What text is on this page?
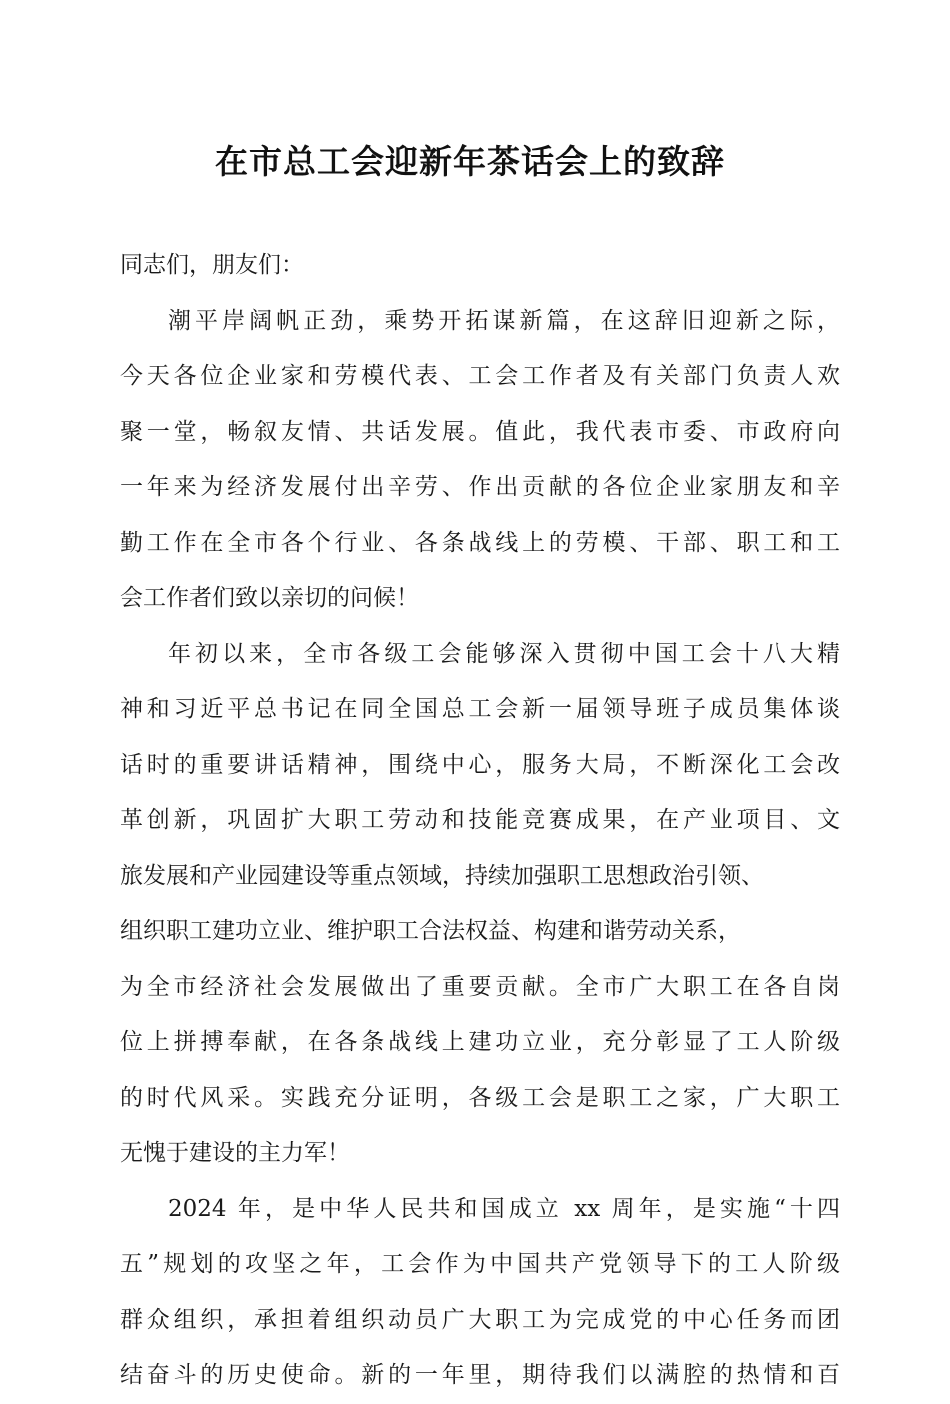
在市总工会迎新年茶话会上的致辞
同志们，朋友们：
潮平岸阔帆正劲，乘势开拓谋新篇，在这辞旧迎新之际，
今天各位企业家和劳模代表、工会工作者及有关部门负责人欢
聚一堂，畅叙友情、共话发展。值此，我代表市委、市政府向
一年来为经济发展付出辛劳、作出贡献的各位企业家朋友和辛
勤工作在全市各个行业、各条战线上的劳模、干部、职工和工
会工作者们致以亲切的问候！
年初以来，全市各级工会能够深入贯彻中国工会十八大精
神和习近平总书记在同全国总工会新一届领导班子成员集体谈
话时的重要讲话精神，围绕中心，服务大局，不断深化工会改
革创新，巩固扩大职工劳动和技能竞赛成果，在产业项目、文
旅发展和产业园建设等重点领域，持续加强职工思想政治引领、
组织职工建功立业、维护职工合法权益、构建和谐劳动关系，
为全市经济社会发展做出了重要贡献。全市广大职工在各自岗
位上拼搏奉献，在各条战线上建功立业，充分彰显了工人阶级
的时代风采。实践充分证明，各级工会是职工之家，广大职工
无愧于建设的主力军！
2024 年，是中华人民共和国成立 xx 周年，是实施“十四
五”规划的攻坚之年，工会作为中国共产党领导下的工人阶级
群众组织，承担着组织动员广大职工为完成党的中心任务而团
结奋斗的历史使命。新的一年里，期待我们以满腔的热情和百
